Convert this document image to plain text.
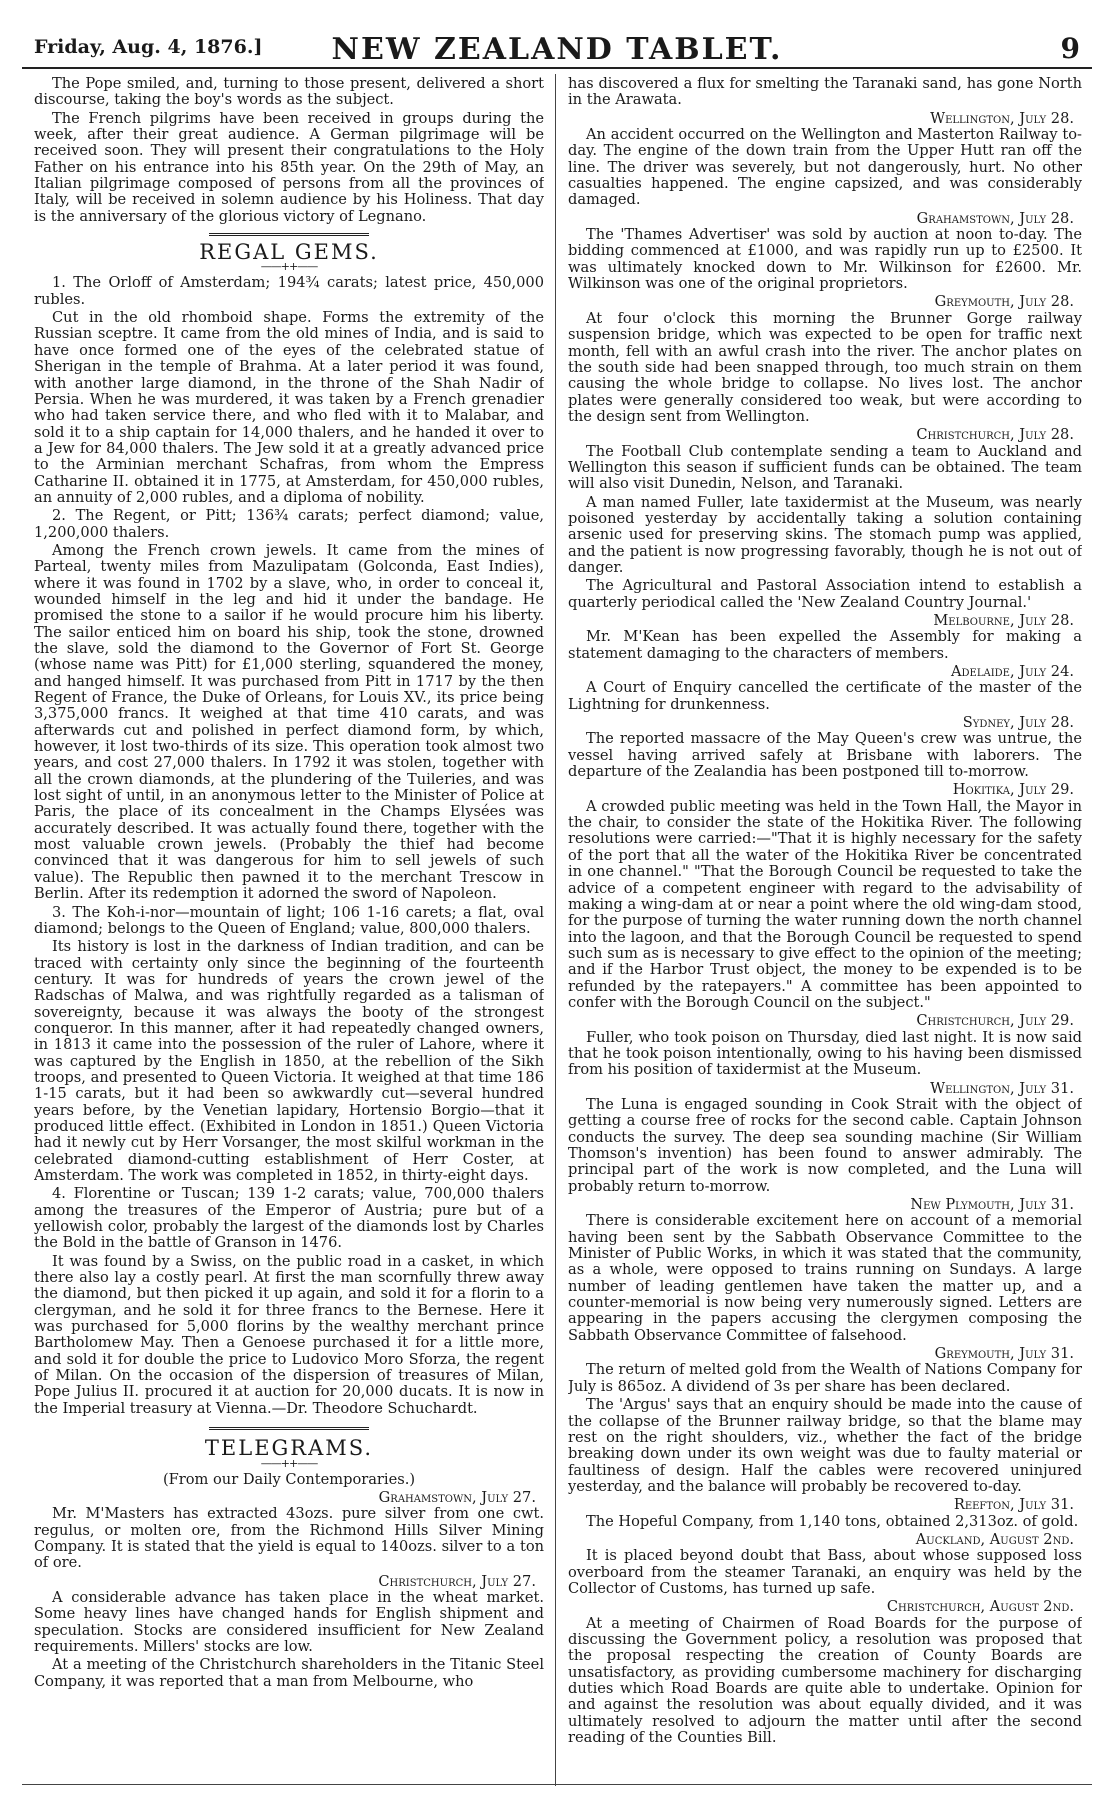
Friday, Aug. 4, 1876.]	NEW ZEALAND TABLET.	9

The Pope smiled, and, turning to those present, delivered a short discourse, taking the boy's words as the subject.

The French pilgrims have been received in groups during the week, after their great audience. A German pilgrimage will be received soon. They will present their congratulations to the Holy Father on his entrance into his 85th year. On the 29th of May, an Italian pilgrimage composed of persons from all the provinces of Italy, will be received in solemn audience by his Holiness. That day is the anniversary of the glorious victory of Legnano.

REGAL GEMS.
——++——

1. The Orloff of Amsterdam; 194¾ carats; latest price, 450,000 rubles.

Cut in the old rhomboid shape. Forms the extremity of the Russian sceptre. It came from the old mines of India, and is said to have once formed one of the eyes of the celebrated statue of Sherigan in the temple of Brahma. At a later period it was found, with another large diamond, in the throne of the Shah Nadir of Persia. When he was murdered, it was taken by a French grenadier who had taken service there, and who fled with it to Malabar, and sold it to a ship captain for 14,000 thalers, and he handed it over to a Jew for 84,000 thalers. The Jew sold it at a greatly advanced price to the Arminian merchant Schafras, from whom the Empress Catharine II. obtained it in 1775, at Amsterdam, for 450,000 rubles, an annuity of 2,000 rubles, and a diploma of nobility.

2. The Regent, or Pitt; 136¾ carats; perfect diamond; value, 1,200,000 thalers.

Among the French crown jewels. It came from the mines of Parteal, twenty miles from Mazulipatam (Golconda, East Indies), where it was found in 1702 by a slave, who, in order to conceal it, wounded himself in the leg and hid it under the bandage. He promised the stone to a sailor if he would procure him his liberty. The sailor enticed him on board his ship, took the stone, drowned the slave, sold the diamond to the Governor of Fort St. George (whose name was Pitt) for £1,000 sterling, squandered the money, and hanged himself. It was purchased from Pitt in 1717 by the then Regent of France, the Duke of Orleans, for Louis XV., its price being 3,375,000 francs. It weighed at that time 410 carats, and was afterwards cut and polished in perfect diamond form, by which, however, it lost two-thirds of its size. This operation took almost two years, and cost 27,000 thalers. In 1792 it was stolen, together with all the crown diamonds, at the plundering of the Tuileries, and was lost sight of until, in an anonymous letter to the Minister of Police at Paris, the place of its concealment in the Champs Elysées was accurately described. It was actually found there, together with the most valuable crown jewels. (Probably the thief had become convinced that it was dangerous for him to sell jewels of such value). The Republic then pawned it to the merchant Trescow in Berlin. After its redemption it adorned the sword of Napoleon.

3. The Koh-i-nor—mountain of light; 106 1-16 carets; a flat, oval diamond; belongs to the Queen of England; value, 800,000 thalers.

Its history is lost in the darkness of Indian tradition, and can be traced with certainty only since the beginning of the fourteenth century. It was for hundreds of years the crown jewel of the Radschas of Malwa, and was rightfully regarded as a talisman of sovereignty, because it was always the booty of the strongest conqueror. In this manner, after it had repeatedly changed owners, in 1813 it came into the possession of the ruler of Lahore, where it was captured by the English in 1850, at the rebellion of the Sikh troops, and presented to Queen Victoria. It weighed at that time 186 1-15 carats, but it had been so awkwardly cut—several hundred years before, by the Venetian lapidary, Hortensio Borgio—that it produced little effect. (Exhibited in London in 1851.) Queen Victoria had it newly cut by Herr Vorsanger, the most skilful workman in the celebrated diamond-cutting establishment of Herr Coster, at Amsterdam. The work was completed in 1852, in thirty-eight days.

4. Florentine or Tuscan; 139 1-2 carats; value, 700,000 thalers among the treasures of the Emperor of Austria; pure but of a yellowish color, probably the largest of the diamonds lost by Charles the Bold in the battle of Granson in 1476.

It was found by a Swiss, on the public road in a casket, in which there also lay a costly pearl. At first the man scornfully threw away the diamond, but then picked it up again, and sold it for a florin to a clergyman, and he sold it for three francs to the Bernese. Here it was purchased for 5,000 florins by the wealthy merchant prince Bartholomew May. Then a Genoese purchased it for a little more, and sold it for double the price to Ludovico Moro Sforza, the regent of Milan. On the occasion of the dispersion of treasures of Milan, Pope Julius II. procured it at auction for 20,000 ducats. It is now in the Imperial treasury at Vienna.—Dr. Theodore Schuchardt.

TELEGRAMS.
——++——

(From our Daily Contemporaries.)

Grahamstown, July 27.

Mr. M'Masters has extracted 43ozs. pure silver from one cwt. regulus, or molten ore, from the Richmond Hills Silver Mining Company. It is stated that the yield is equal to 140ozs. silver to a ton of ore.

Christchurch, July 27.

A considerable advance has taken place in the wheat market. Some heavy lines have changed hands for English shipment and speculation. Stocks are considered insufficient for New Zealand requirements. Millers' stocks are low.

At a meeting of the Christchurch shareholders in the Titanic Steel Company, it was reported that a man from Melbourne, who

has discovered a flux for smelting the Taranaki sand, has gone North in the Arawata.

Wellington, July 28.

An accident occurred on the Wellington and Masterton Railway to-day. The engine of the down train from the Upper Hutt ran off the line. The driver was severely, but not dangerously, hurt. No other casualties happened. The engine capsized, and was considerably damaged.

Grahamstown, July 28.

The 'Thames Advertiser' was sold by auction at noon to-day. The bidding commenced at £1000, and was rapidly run up to £2500. It was ultimately knocked down to Mr. Wilkinson for £2600. Mr. Wilkinson was one of the original proprietors.

Greymouth, July 28.

At four o'clock this morning the Brunner Gorge railway suspension bridge, which was expected to be open for traffic next month, fell with an awful crash into the river. The anchor plates on the south side had been snapped through, too much strain on them causing the whole bridge to collapse. No lives lost. The anchor plates were generally considered too weak, but were according to the design sent from Wellington.

Christchurch, July 28.

The Football Club contemplate sending a team to Auckland and Wellington this season if sufficient funds can be obtained. The team will also visit Dunedin, Nelson, and Taranaki.

A man named Fuller, late taxidermist at the Museum, was nearly poisoned yesterday by accidentally taking a solution containing arsenic used for preserving skins. The stomach pump was applied, and the patient is now progressing favorably, though he is not out of danger.

The Agricultural and Pastoral Association intend to establish a quarterly periodical called the 'New Zealand Country Journal.'

Melbourne, July 28.

Mr. M'Kean has been expelled the Assembly for making a statement damaging to the characters of members.

Adelaide, July 24.

A Court of Enquiry cancelled the certificate of the master of the Lightning for drunkenness.

Sydney, July 28.

The reported massacre of the May Queen's crew was untrue, the vessel having arrived safely at Brisbane with laborers. The departure of the Zealandia has been postponed till to-morrow.

Hokitika, July 29.

A crowded public meeting was held in the Town Hall, the Mayor in the chair, to consider the state of the Hokitika River. The following resolutions were carried:—"That it is highly necessary for the safety of the port that all the water of the Hokitika River be concentrated in one channel." "That the Borough Council be requested to take the advice of a competent engineer with regard to the advisability of making a wing-dam at or near a point where the old wing-dam stood, for the purpose of turning the water running down the north channel into the lagoon, and that the Borough Council be requested to spend such sum as is necessary to give effect to the opinion of the meeting; and if the Harbor Trust object, the money to be expended is to be refunded by the ratepayers." A committee has been appointed to confer with the Borough Council on the subject."

Christchurch, July 29.

Fuller, who took poison on Thursday, died last night. It is now said that he took poison intentionally, owing to his having been dismissed from his position of taxidermist at the Museum.

Wellington, July 31.

The Luna is engaged sounding in Cook Strait with the object of getting a course free of rocks for the second cable. Captain Johnson conducts the survey. The deep sea sounding machine (Sir William Thomson's invention) has been found to answer admirably. The principal part of the work is now completed, and the Luna will probably return to-morrow.

New Plymouth, July 31.

There is considerable excitement here on account of a memorial having been sent by the Sabbath Observance Committee to the Minister of Public Works, in which it was stated that the community, as a whole, were opposed to trains running on Sundays. A large number of leading gentlemen have taken the matter up, and a counter-memorial is now being very numerously signed. Letters are appearing in the papers accusing the clergymen composing the Sabbath Observance Committee of falsehood.

Greymouth, July 31.

The return of melted gold from the Wealth of Nations Company for July is 865oz. A dividend of 3s per share has been declared.

The 'Argus' says that an enquiry should be made into the cause of the collapse of the Brunner railway bridge, so that the blame may rest on the right shoulders, viz., whether the fact of the bridge breaking down under its own weight was due to faulty material or faultiness of design. Half the cables were recovered uninjured yesterday, and the balance will probably be recovered to-day.

Reefton, July 31.

The Hopeful Company, from 1,140 tons, obtained 2,313oz. of gold.

Auckland, August 2nd.

It is placed beyond doubt that Bass, about whose supposed loss overboard from the steamer Taranaki, an enquiry was held by the Collector of Customs, has turned up safe.

Christchurch, August 2nd.

At a meeting of Chairmen of Road Boards for the purpose of discussing the Government policy, a resolution was proposed that the proposal respecting the creation of County Boards are unsatisfactory, as providing cumbersome machinery for discharging duties which Road Boards are quite able to undertake. Opinion for and against the resolution was about equally divided, and it was ultimately resolved to adjourn the matter until after the second reading of the Counties Bill.
